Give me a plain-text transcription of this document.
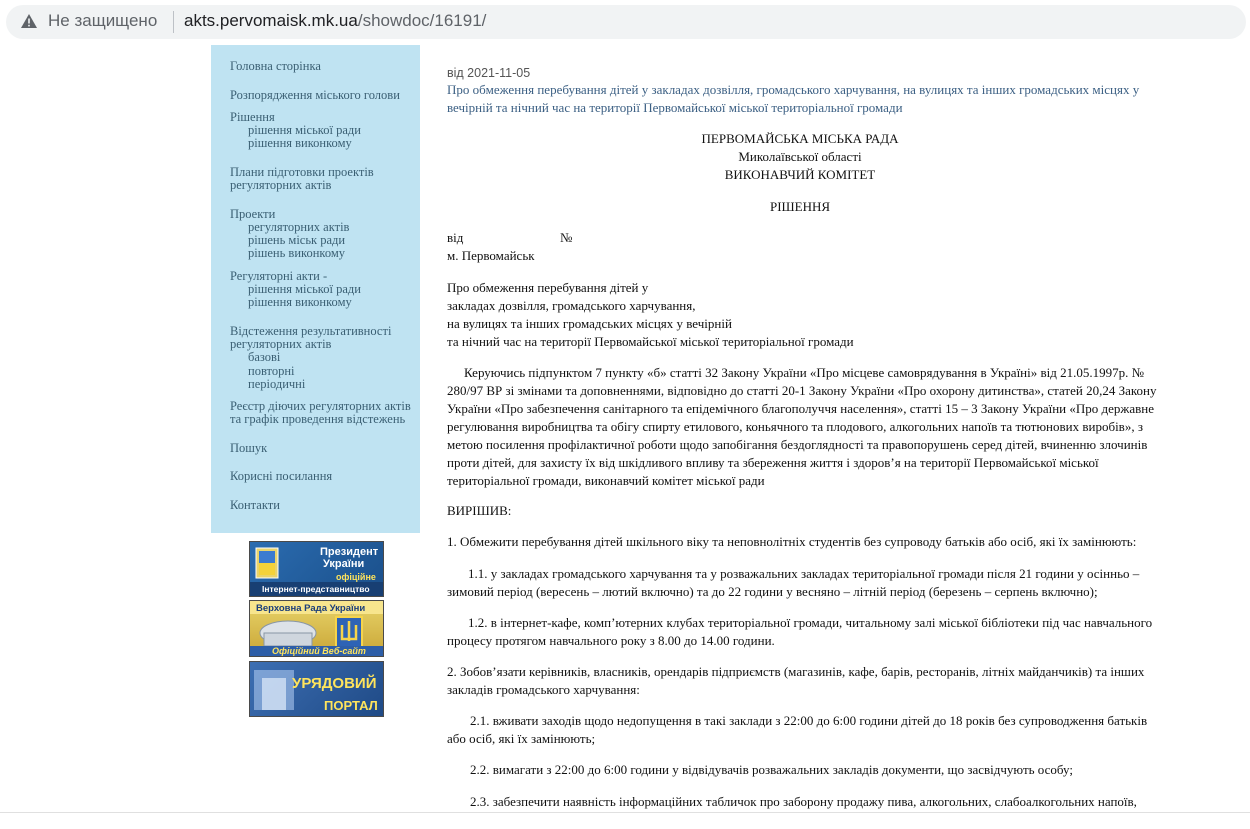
Не защищено akts.pervomaisk.mk.ua/showdoc/16191/
Головна сторінка
Розпорядження міського голови
Рішення
рішення міської ради
рішення виконкому
Плани підготовки проектів
регуляторних актів
Проекти
регуляторних актів
рішень міськ ради
рішень виконкому
Регуляторні акти -
рішення міської ради
рішення виконкому
Відстеження результативності
регуляторних актів
базові
повторні
періодичні
Реєстр діючих регуляторних актів
та графік проведення відстежень
Пошук
Корисні посилання
Контакти
Президент
України
офіційне
Інтернет-представництво
Верховна Рада України
Офіційний Веб-сайт
УРЯДОВИЙ
ПОРТАЛ
від 2021-11-05
Про обмеження перебування дітей у закладах дозвілля, громадського харчування, на вулицях та інших громадських місцях у вечірній та нічний час на території Первомайської міської територіальної громади
ПЕРВОМАЙСЬКА МІСЬКА РАДА
Миколаївської області
ВИКОНАВЧИЙ КОМІТЕТ
РІШЕННЯ
від	№
м. Первомайськ
Про обмеження перебування дітей у
закладах дозвілля, громадського харчування,
на вулицях та інших громадських місцях у вечірній
та нічний час на території Первомайської міської територіальної громади
Керуючись підпунктом 7 пункту «б» статті 32 Закону України «Про місцеве самоврядування в Україні» від 21.05.1997р. № 280/97 ВР зі змінами та доповненнями, відповідно до статті 20-1 Закону України «Про охорону дитинства», статей 20,24 Закону України «Про забезпечення санітарного та епідемічного благополуччя населення», статті 15 – 3 Закону України «Про державне регулювання виробництва та обігу спирту етилового, коньячного та плодового, алкогольних напоїв та тютюнових виробів», з метою посилення профілактичної роботи щодо запобігання бездоглядності та правопорушень серед дітей, вчиненню злочинів проти дітей, для захисту їх від шкідливого впливу та збереження життя і здоров’я на території Первомайської міської територіальної громади, виконавчий комітет міської ради
ВИРІШИВ:
1. Обмежити перебування дітей шкільного віку та неповнолітніх студентів без супроводу батьків або осіб, які їх замінюють:
1.1. у закладах громадського харчування та у розважальних закладах територіальної громади після 21 години у осінньо – зимовий період (вересень – лютий включно) та до 22 години у весняно – літній період (березень – серпень включно);
1.2. в інтернет-кафе, комп’ютерних клубах територіальної громади, читальному залі міської бібліотеки під час навчального процесу протягом навчального року з 8.00 до 14.00 години.
2. Зобов’язати керівників, власників, орендарів підприємств (магазинів, кафе, барів, ресторанів, літніх майданчиків) та інших закладів громадського харчування:
2.1. вживати заходів щодо недопущення в такі заклади з 22:00 до 6:00 години дітей до 18 років без супроводження батьків або осіб, які їх замінюють;
2.2. вимагати з 22:00 до 6:00 години у відвідувачів розважальних закладів документи, що засвідчують особу;
2.3. забезпечити наявність інформаційних табличок про заборону продажу пива, алкогольних, слабоалкогольних напоїв,
